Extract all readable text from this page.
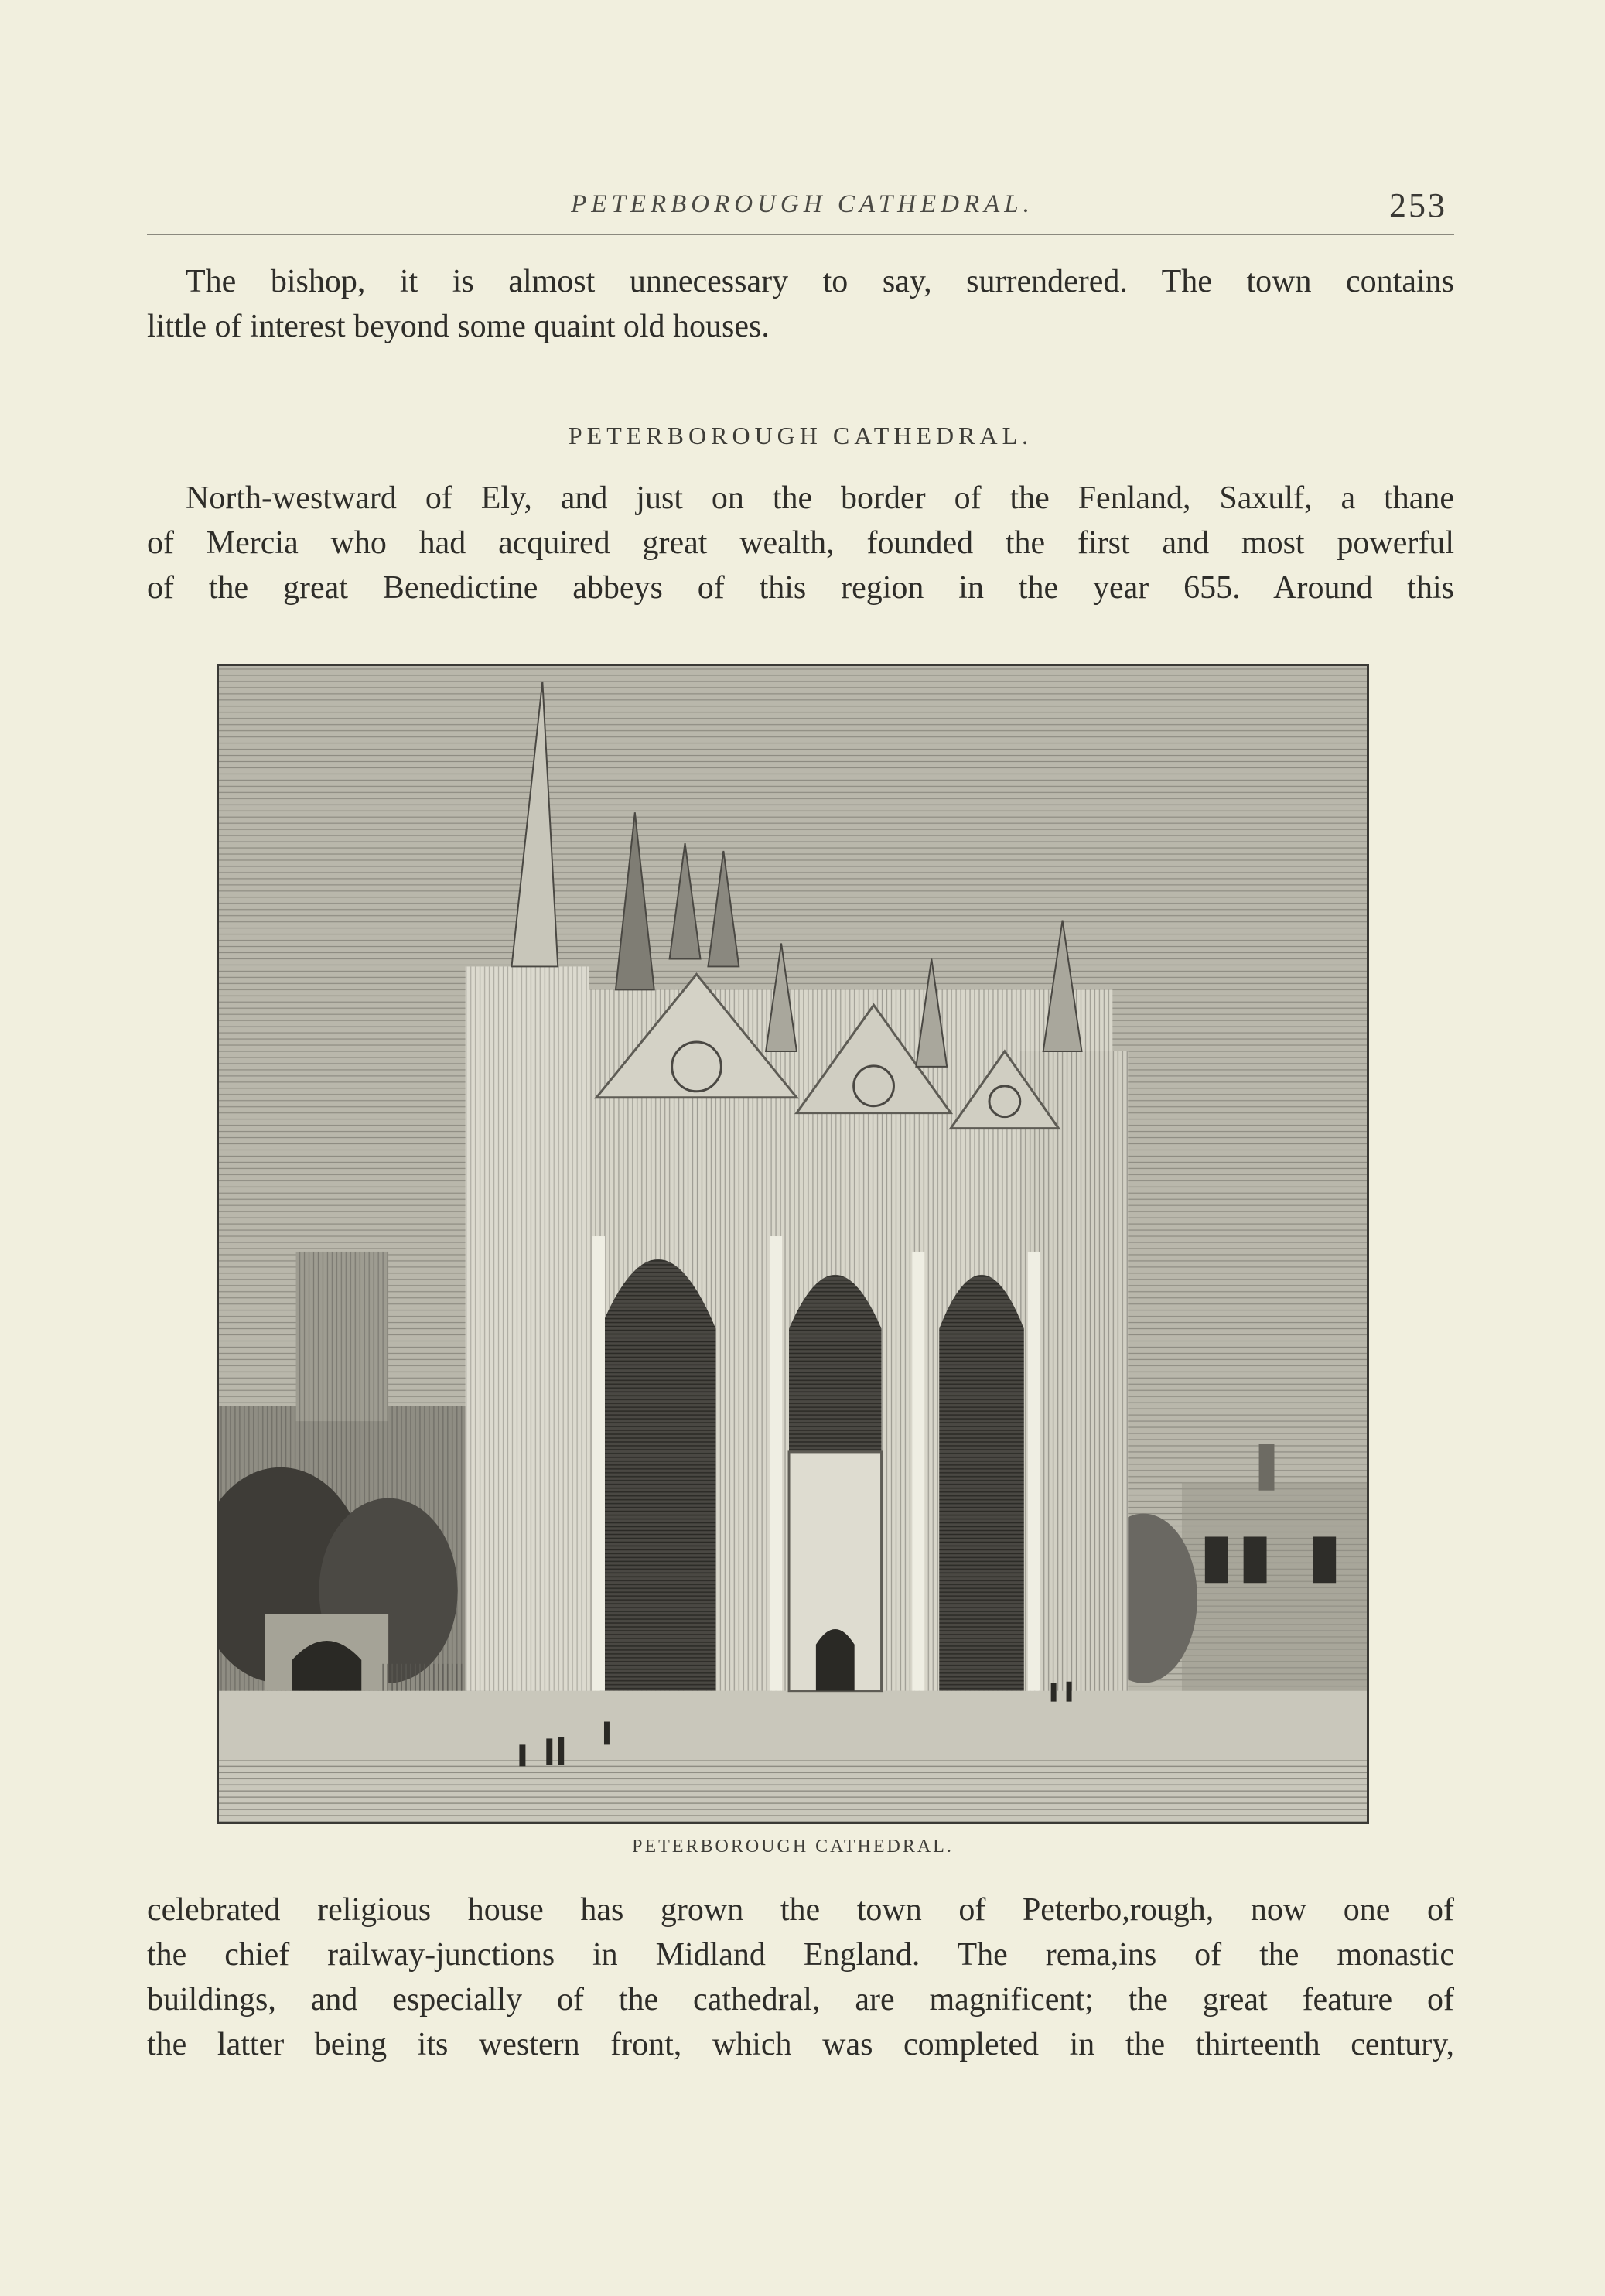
PETERBOROUGH CATHEDRAL.	253

The bishop, it is almost unnecessary to say, surrendered. The town contains
little of interest beyond some quaint old houses.

PETERBOROUGH CATHEDRAL.

North-westward of Ely, and just on the border of the Fenland, Saxulf, a thane
of Mercia who had acquired great wealth, founded the first and most powerful
of the great Benedictine abbeys of this region in the year 655. Around this

PETERBOROUGH CATHEDRAL.

celebrated religious house has grown the town of Peterbo,rough, now one of
the chief railway-junctions in Midland England. The rema,ins of the monastic
buildings, and especially of the cathedral, are magnificent; the great feature of
the latter being its western front, which was completed in the thirteenth century,
